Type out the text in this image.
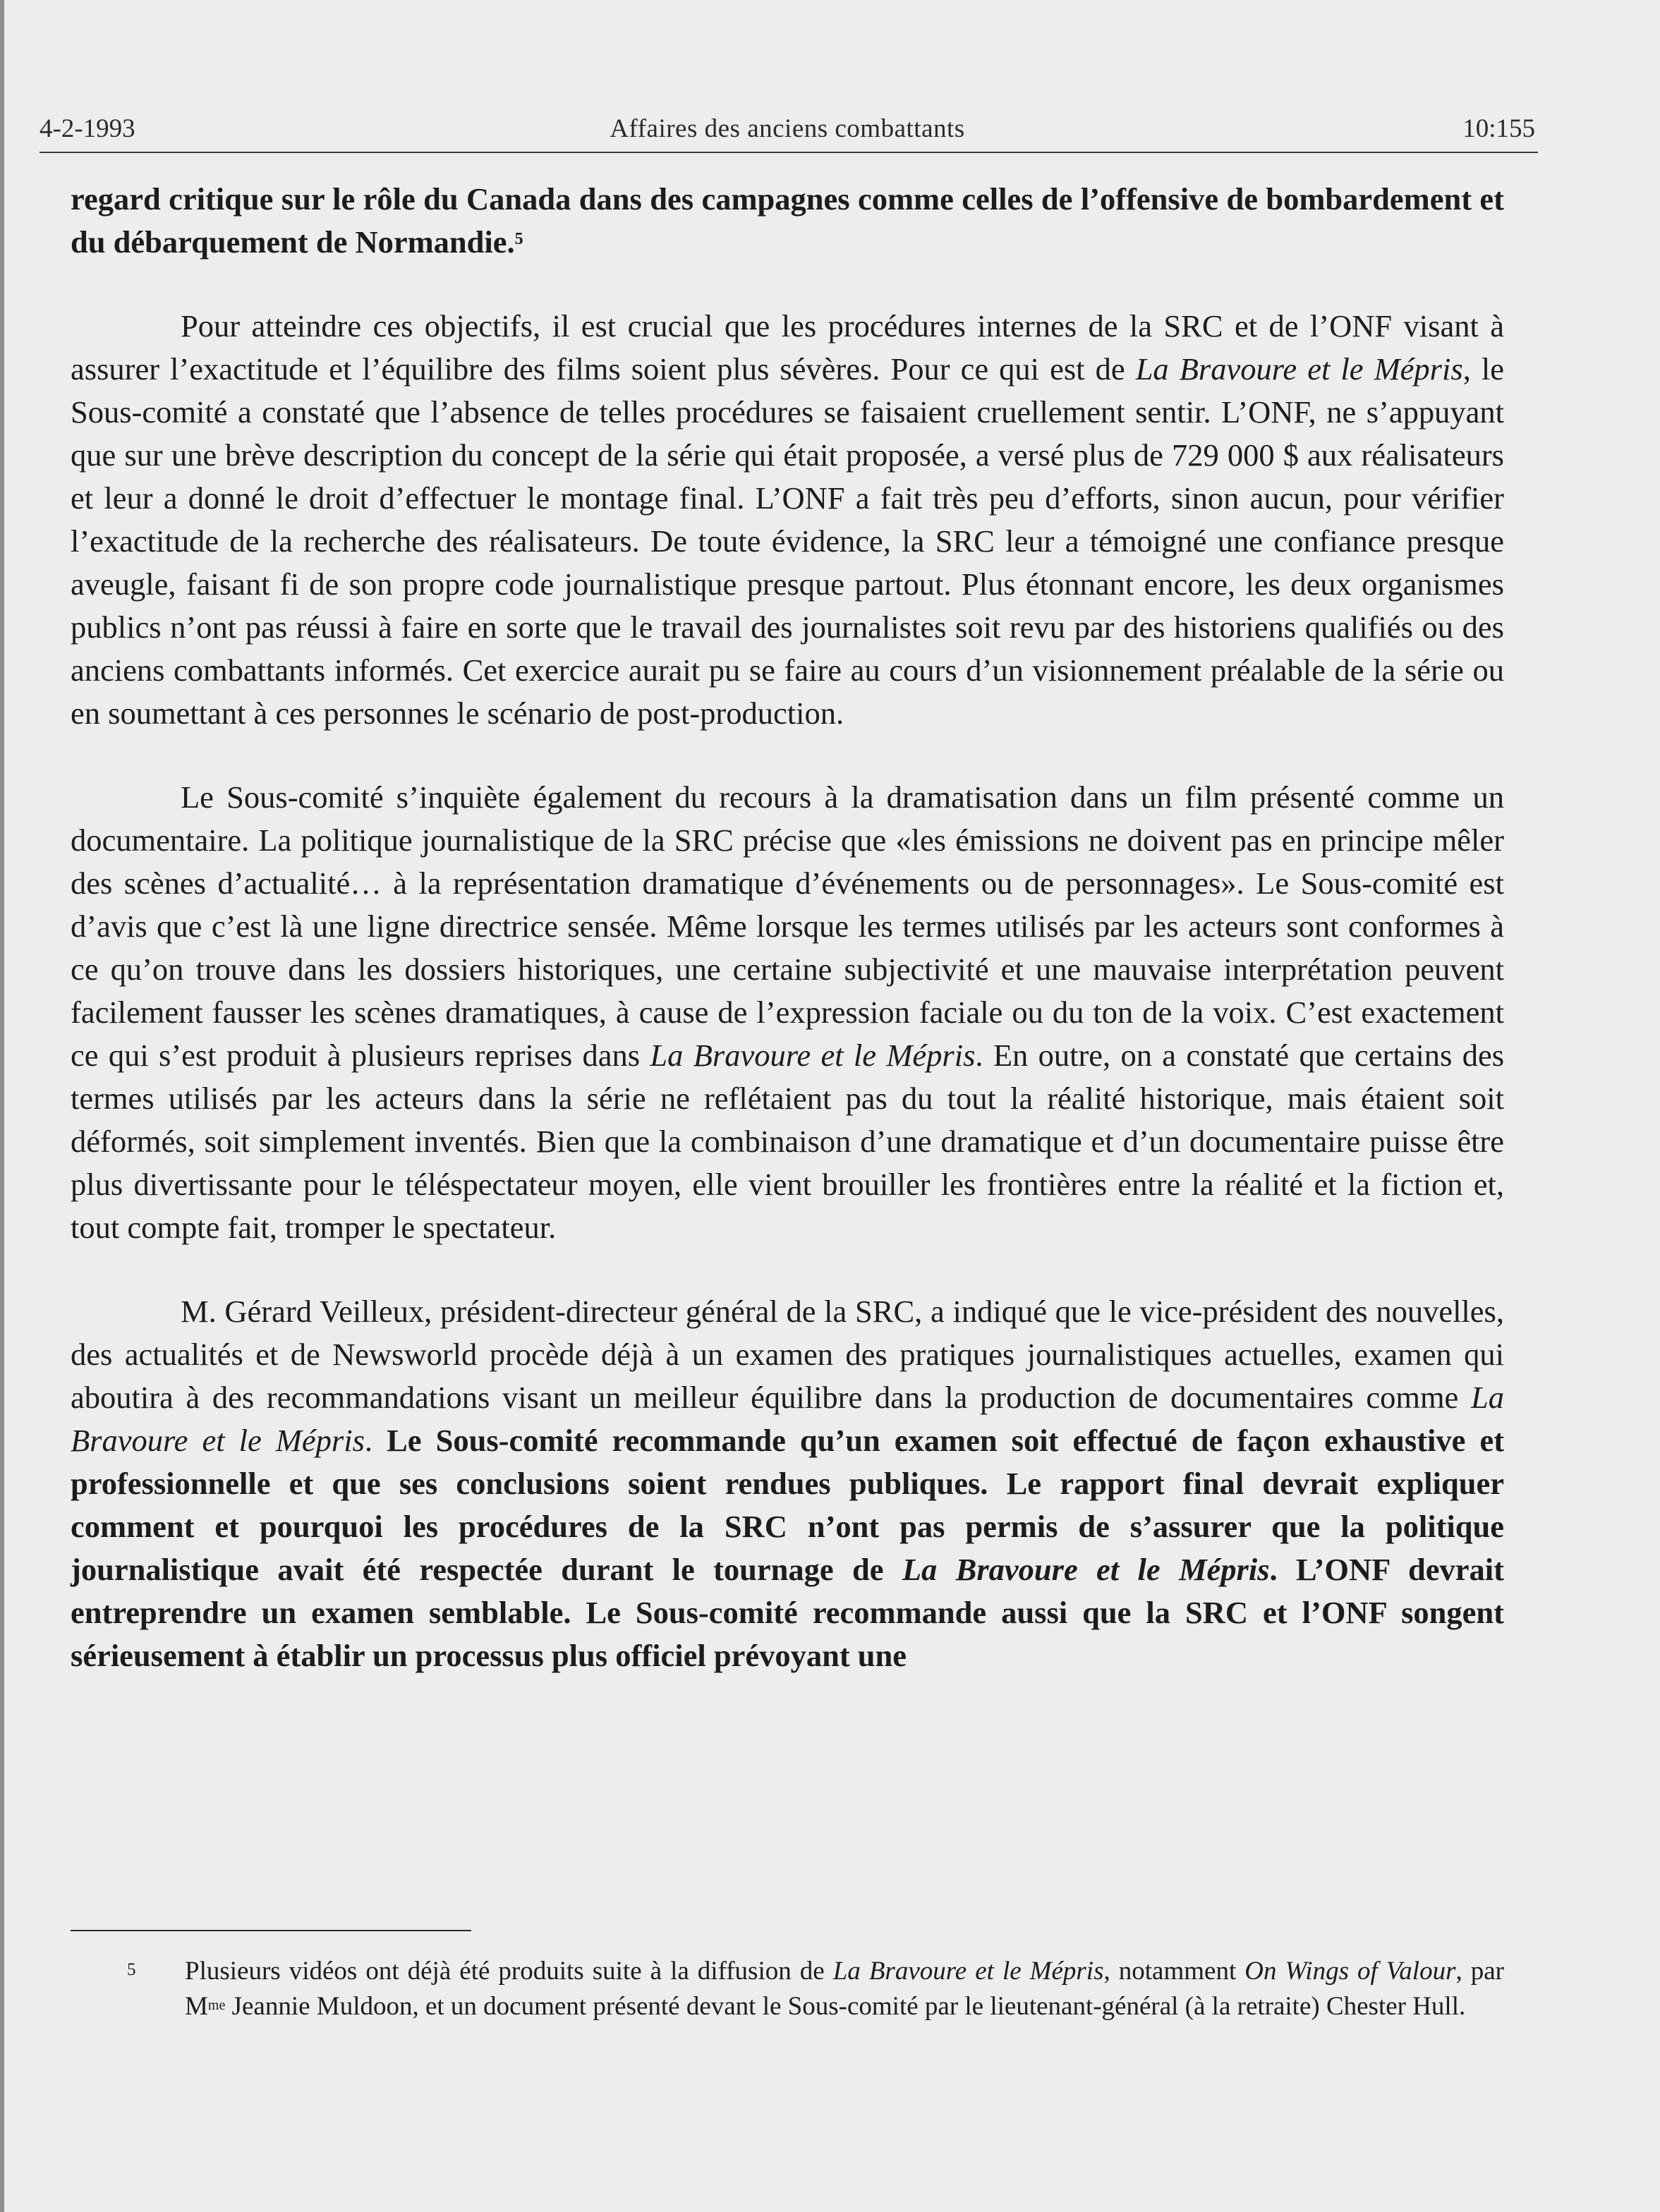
4-2-1993	Affaires des anciens combattants	10:155

regard critique sur le rôle du Canada dans des campagnes comme celles de l’offensive de bombardement et du débarquement de Normandie.$^5$

Pour atteindre ces objectifs, il est crucial que les procédures internes de la SRC et de l’ONF visant à assurer l’exactitude et l’équilibre des films soient plus sévères. Pour ce qui est de La Bravoure et le Mépris, le Sous-comité a constaté que l’absence de telles procédures se faisaient cruellement sentir. L’ONF, ne s’appuyant que sur une brève description du concept de la série qui était proposée, a versé plus de 729 000 $ aux réalisateurs et leur a donné le droit d’effectuer le montage final. L’ONF a fait très peu d’efforts, sinon aucun, pour vérifier l’exactitude de la recherche des réalisateurs. De toute évidence, la SRC leur a témoigné une confiance presque aveugle, faisant fi de son propre code journalistique presque partout. Plus étonnant encore, les deux organismes publics n’ont pas réussi à faire en sorte que le travail des journalistes soit revu par des historiens qualifiés ou des anciens combattants informés. Cet exercice aurait pu se faire au cours d’un visionnement préalable de la série ou en soumettant à ces personnes le scénario de post-production.

Le Sous-comité s’inquiète également du recours à la dramatisation dans un film présenté comme un documentaire. La politique journalistique de la SRC précise que «les émissions ne doivent pas en principe mêler des scènes d’actualité… à la représentation dramatique d’événements ou de personnages». Le Sous-comité est d’avis que c’est là une ligne directrice sensée. Même lorsque les termes utilisés par les acteurs sont conformes à ce qu’on trouve dans les dossiers historiques, une certaine subjectivité et une mauvaise interprétation peuvent facilement fausser les scènes dramatiques, à cause de l’expression faciale ou du ton de la voix. C’est exactement ce qui s’est produit à plusieurs reprises dans La Bravoure et le Mépris. En outre, on a constaté que certains des termes utilisés par les acteurs dans la série ne reflétaient pas du tout la réalité historique, mais étaient soit déformés, soit simplement inventés. Bien que la combinaison d’une dramatique et d’un documentaire puisse être plus divertissante pour le téléspectateur moyen, elle vient brouiller les frontières entre la réalité et la fiction et, tout compte fait, tromper le spectateur.

M. Gérard Veilleux, président-directeur général de la SRC, a indiqué que le vice-président des nouvelles, des actualités et de Newsworld procède déjà à un examen des pratiques journalistiques actuelles, examen qui aboutira à des recommandations visant un meilleur équilibre dans la production de documentaires comme La Bravoure et le Mépris. Le Sous-comité recommande qu’un examen soit effectué de façon exhaustive et professionnelle et que ses conclusions soient rendues publiques. Le rapport final devrait expliquer comment et pourquoi les procédures de la SRC n’ont pas permis de s’assurer que la politique journalistique avait été respectée durant le tournage de La Bravoure et le Mépris. L’ONF devrait entreprendre un examen semblable. Le Sous-comité recommande aussi que la SRC et l’ONF songent sérieusement à établir un processus plus officiel prévoyant une

5 Plusieurs vidéos ont déjà été produits suite à la diffusion de La Bravoure et le Mépris, notamment On Wings of Valour, par $M^{me}$ Jeannie Muldoon, et un document présenté devant le Sous-comité par le lieutenant-général (à la retraite) Chester Hull.
